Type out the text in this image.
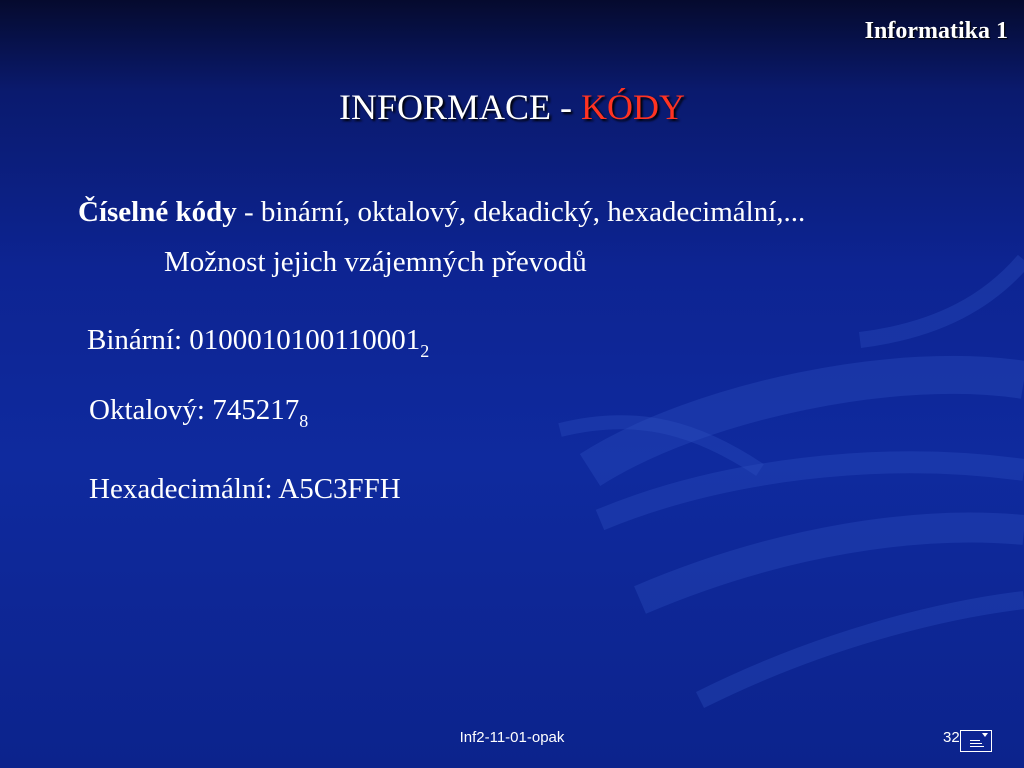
Informatika 1
INFORMACE - KÓDY
Číselné kódy - binární, oktalový, dekadický, hexadecimální,...
Možnost jejich vzájemných převodů
Binární: $0100010100110001_2$
Oktalový: $745217_8$
Hexadecimální: A5C3FFH
Inf2-11-01-opak	32
